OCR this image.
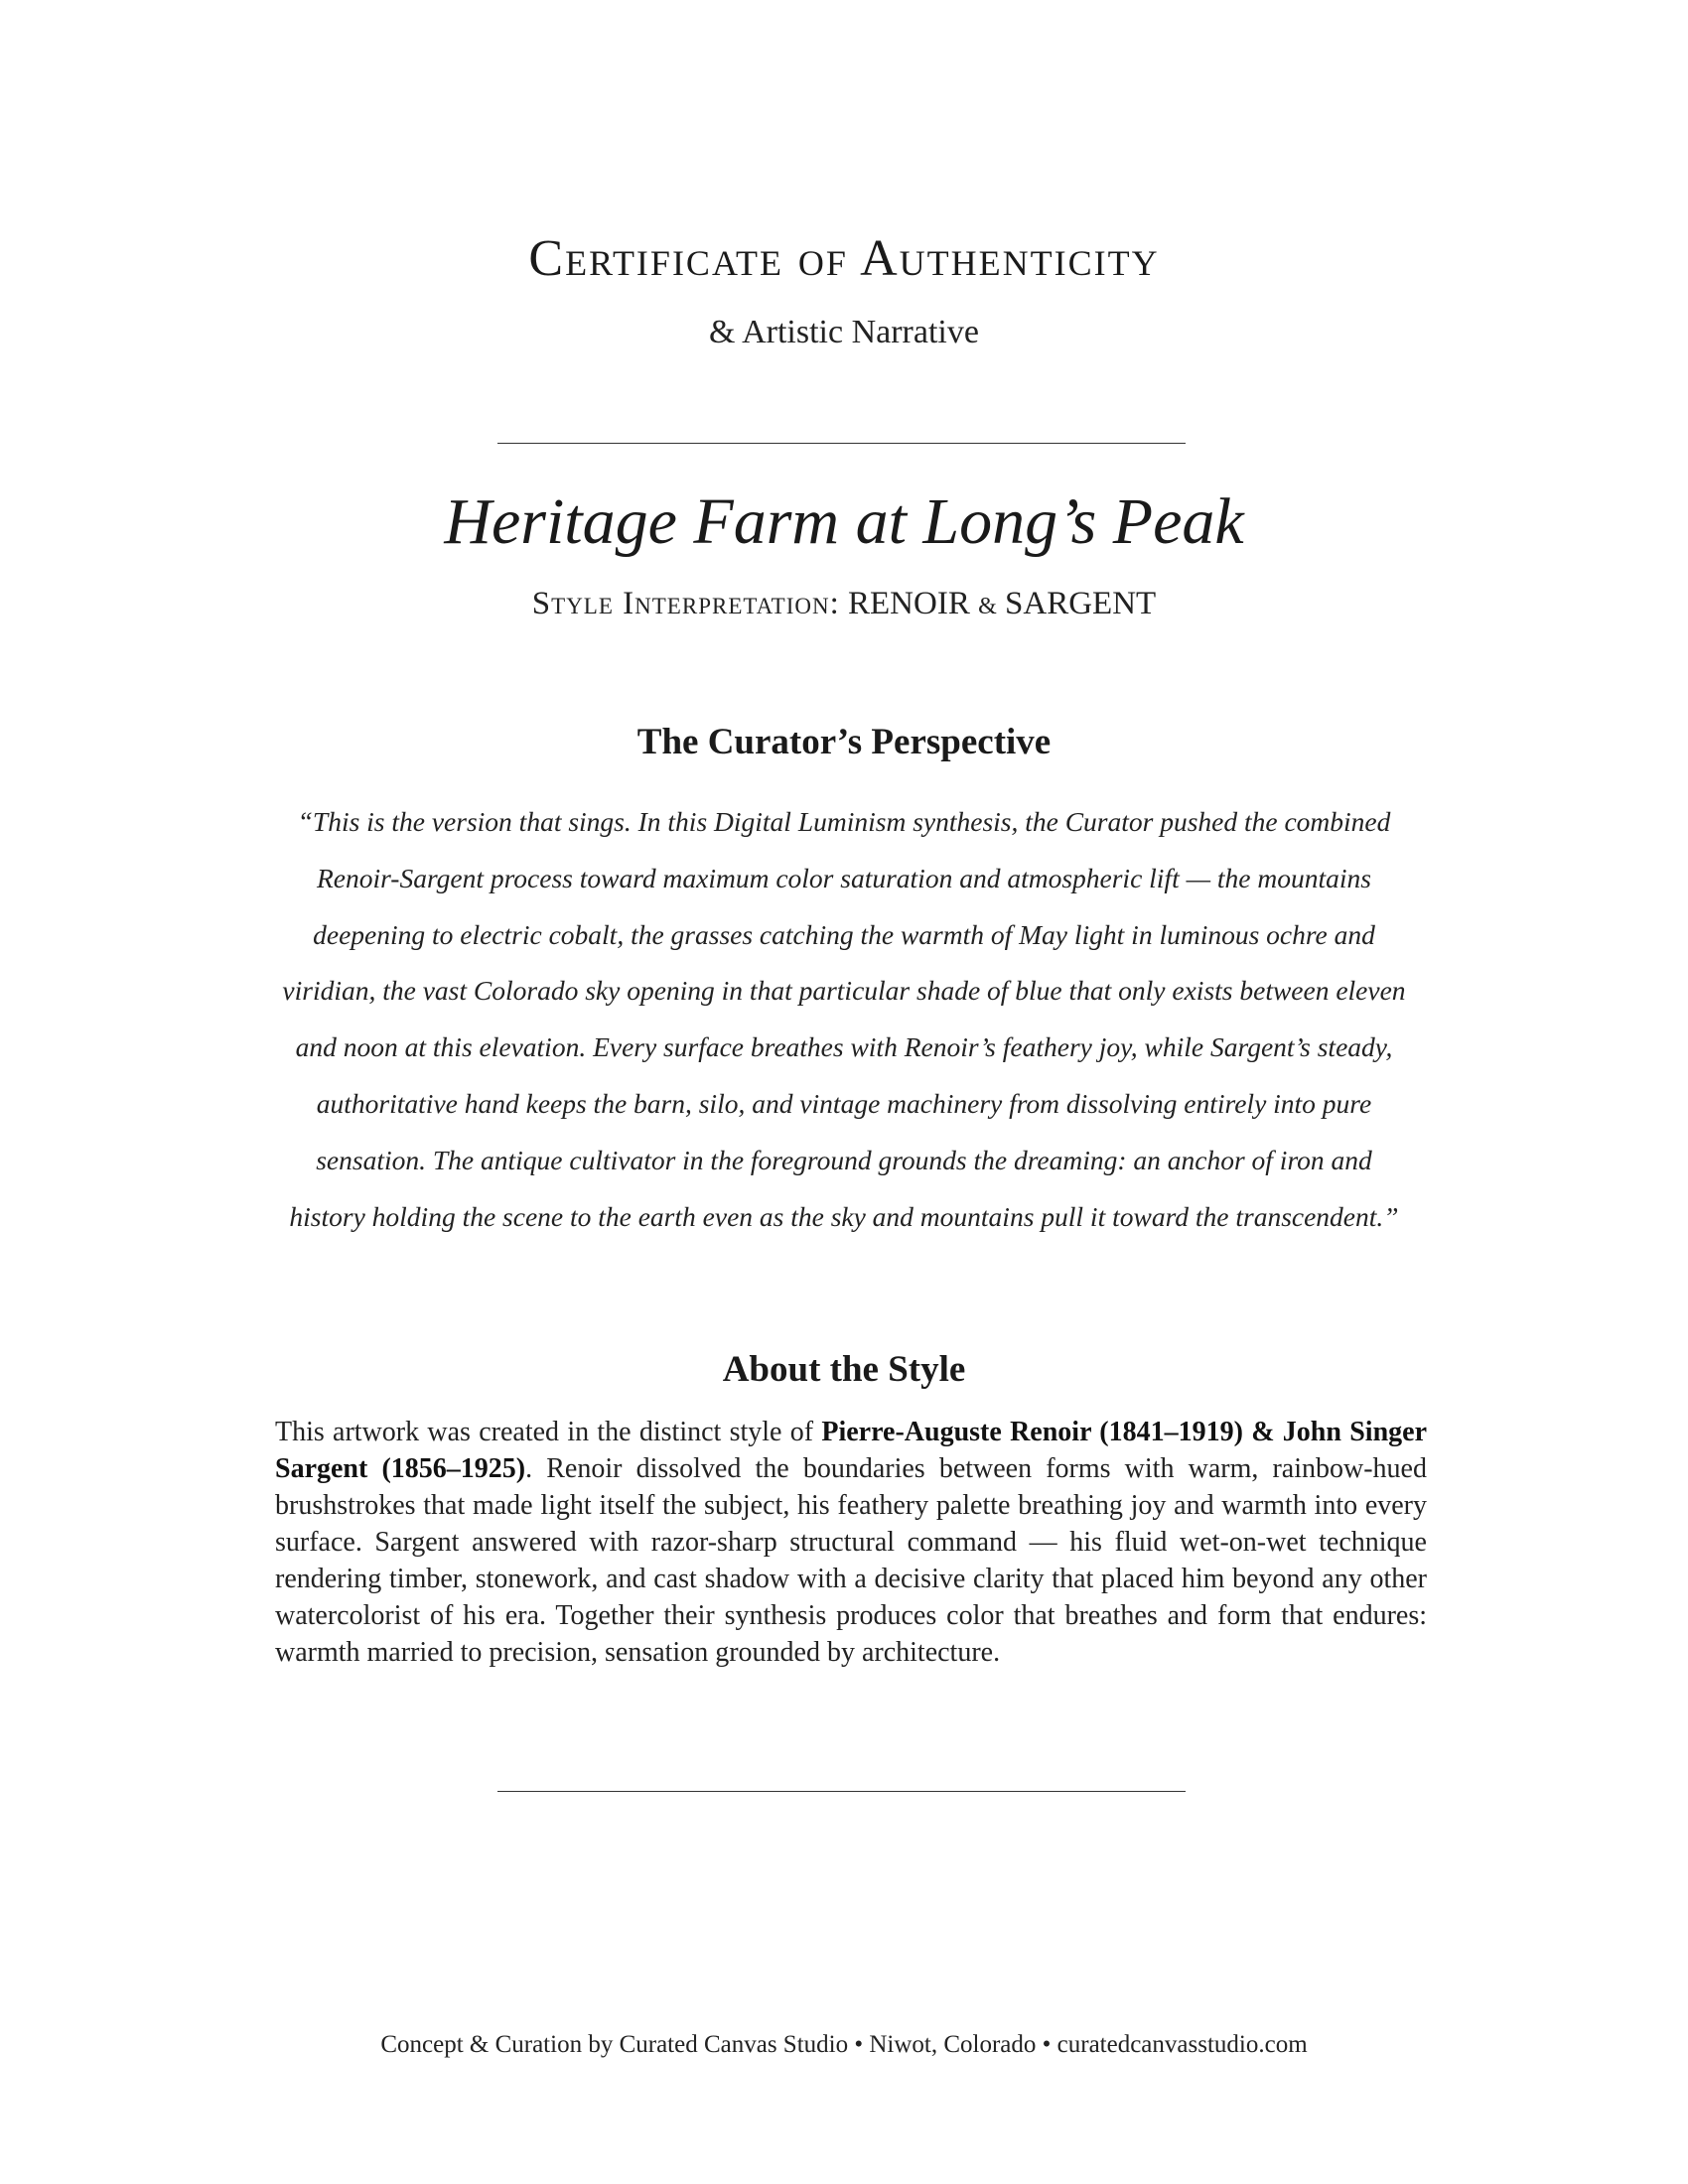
Certificate of Authenticity
& Artistic Narrative
Heritage Farm at Long’s Peak
Style Interpretation: RENOIR & SARGENT
The Curator’s Perspective

“This is the version that sings. In this Digital Luminism synthesis, the Curator pushed the combined Renoir-Sargent process toward maximum color saturation and atmospheric lift — the mountains deepening to electric cobalt, the grasses catching the warmth of May light in luminous ochre and viridian, the vast Colorado sky opening in that particular shade of blue that only exists between eleven and noon at this elevation. Every surface breathes with Renoir’s feathery joy, while Sargent’s steady, authoritative hand keeps the barn, silo, and vintage machinery from dissolving entirely into pure sensation. The antique cultivator in the foreground grounds the dreaming: an anchor of iron and history holding the scene to the earth even as the sky and mountains pull it toward the transcendent.”

About the Style

This artwork was created in the distinct style of Pierre-Auguste Renoir (1841–1919) & John Singer Sargent (1856–1925). Renoir dissolved the boundaries between forms with warm, rainbow-hued brushstrokes that made light itself the subject, his feathery palette breathing joy and warmth into every surface. Sargent answered with razor-sharp structural command — his fluid wet-on-wet technique rendering timber, stonework, and cast shadow with a decisive clarity that placed him beyond any other watercolorist of his era. Together their synthesis produces color that breathes and form that endures: warmth married to precision, sensation grounded by architecture.

Concept & Curation by Curated Canvas Studio • Niwot, Colorado • curatedcanvasstudio.com
